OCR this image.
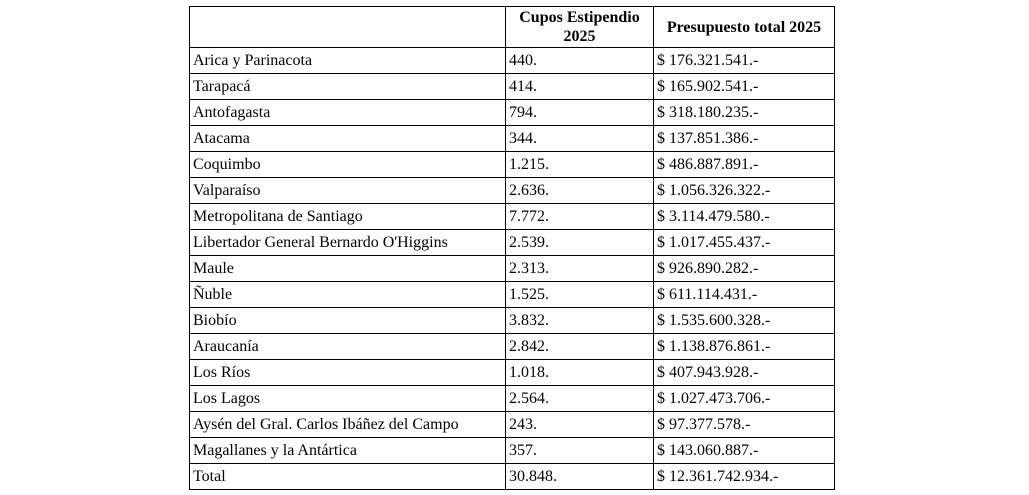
	Cupos Estipendio 2025	Presupuesto total 2025
Arica y Parinacota	440.	$ 176.321.541.-
Tarapacá	414.	$ 165.902.541.-
Antofagasta	794.	$ 318.180.235.-
Atacama	344.	$ 137.851.386.-
Coquimbo	1.215.	$ 486.887.891.-
Valparaíso	2.636.	$ 1.056.326.322.-
Metropolitana de Santiago	7.772.	$ 3.114.479.580.-
Libertador General Bernardo O'Higgins	2.539.	$ 1.017.455.437.-
Maule	2.313.	$ 926.890.282.-
Ñuble	1.525.	$ 611.114.431.-
Biobío	3.832.	$ 1.535.600.328.-
Araucanía	2.842.	$ 1.138.876.861.-
Los Ríos	1.018.	$ 407.943.928.-
Los Lagos	2.564.	$ 1.027.473.706.-
Aysén del Gral. Carlos Ibáñez del Campo	243.	$ 97.377.578.-
Magallanes y la Antártica	357.	$ 143.060.887.-
Total	30.848.	$ 12.361.742.934.-
